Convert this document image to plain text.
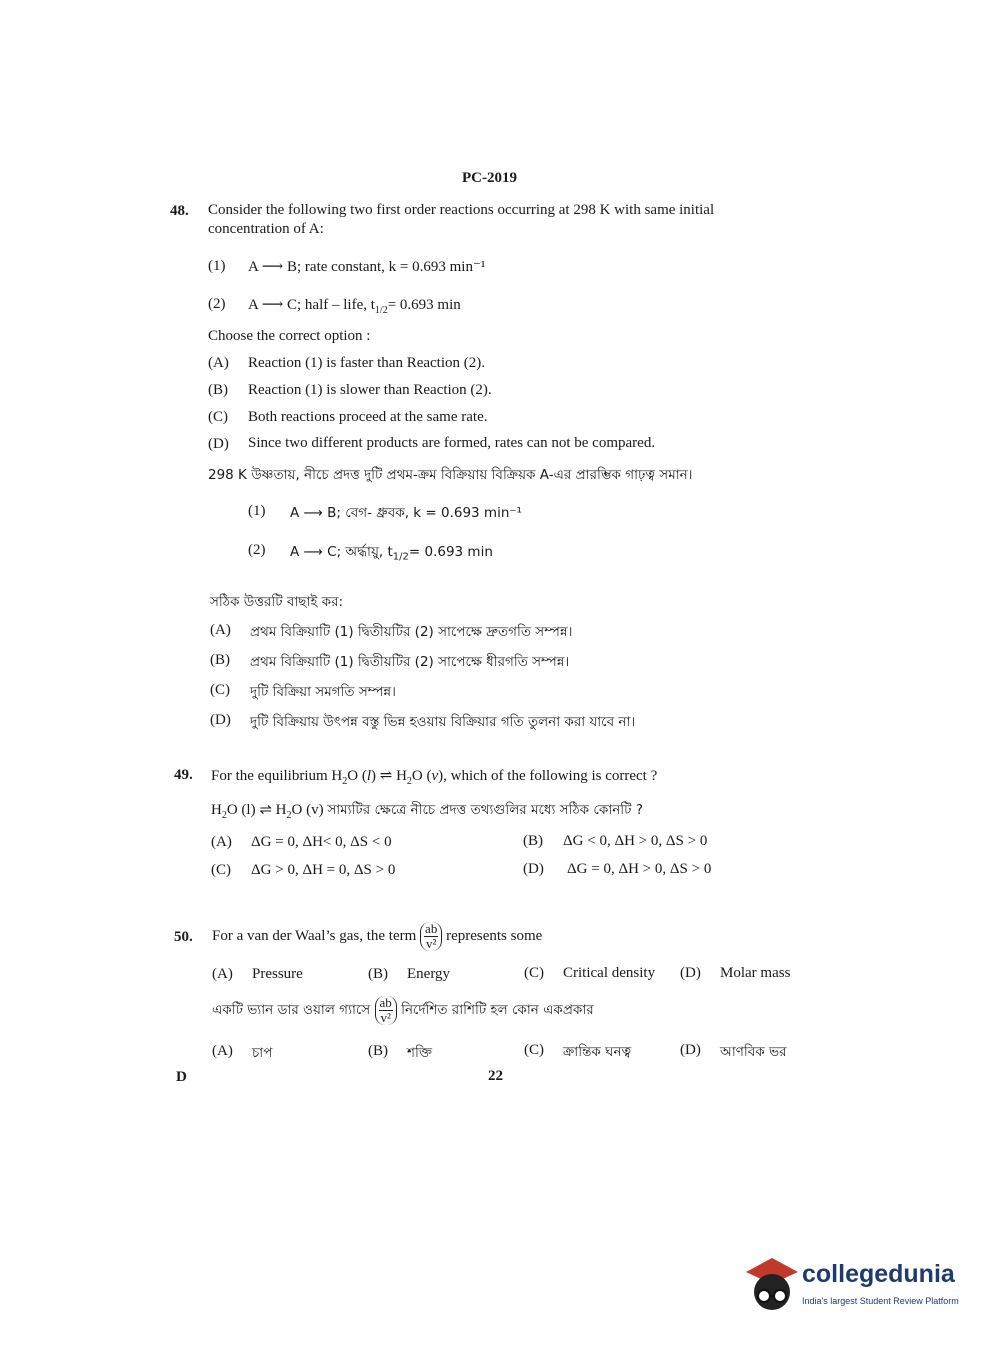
PC-2019
48. Consider the following two first order reactions occurring at 298 K with same initial
concentration of A:
(1) A ⟶ B; rate constant, k = 0.693 min⁻¹
(2) A ⟶ C; half – life, $t_{1/2}= 0.693$ min
Choose the correct option :
(A) Reaction (1) is faster than Reaction (2).
(B) Reaction (1) is slower than Reaction (2).
(C) Both reactions proceed at the same rate.
(D) Since two different products are formed, rates can not be compared.
298 K উষ্ণতায়, নীচে প্রদত্ত দুটি প্রথম-ক্রম বিক্রিয়ায় বিক্রিয়ক A-এর প্রারম্ভিক গাঢ়ত্ব সমান।
(1) A ⟶ B; বেগ- ধ্রুবক, k = 0.693 min⁻¹
(2) A ⟶ C; অর্দ্ধায়ু, $t_{1/2}= 0.693$ min
সঠিক উত্তরটি বাছাই কর:
(A) প্রথম বিক্রিয়াটি (1) দ্বিতীয়টির (2) সাপেক্ষে দ্রুতগতি সম্পন্ন।
(B) প্রথম বিক্রিয়াটি (1) দ্বিতীয়টির (2) সাপেক্ষে ধীরগতি সম্পন্ন।
(C) দুটি বিক্রিয়া সমগতি সম্পন্ন।
(D) দুটি বিক্রিয়ায় উৎপন্ন বস্তু ভিন্ন হওয়ায় বিক্রিয়ার গতি তুলনা করা যাবে না।
49. For the equilibrium $H_2O$ (l) ⇌ $H_2O$ (v), which of the following is correct ?
$H_2O$ (l) ⇌ $H_2O$ (v) সাম্যটির ক্ষেত্রে নীচে প্রদত্ত তথ্যগুলির মধ্যে সঠিক কোনটি ?
(A) ΔG = 0, ΔH< 0, ΔS < 0	(B) ΔG < 0, ΔH > 0, ΔS > 0
(C) ΔG > 0, ΔH = 0, ΔS > 0	(D) ΔG = 0, ΔH > 0, ΔS > 0
50. For a van der Waal’s gas, the term $\frac{ab}{\text{v²}}$ represents some
(A) Pressure	(B) Energy	(C) Critical density (D) Molar mass
একটি ভ্যান ডার ওয়াল গ্যাসে $\frac{ab}{\text{v²}}$ নির্দেশিত রাশিটি হল কোন একপ্রকার
(A) চাপ	(B) শক্তি	(C) ক্রান্তিক ঘনত্ব	(D) আণবিক ভর
D	22
collegedunia
India's largest Student Review Platform
